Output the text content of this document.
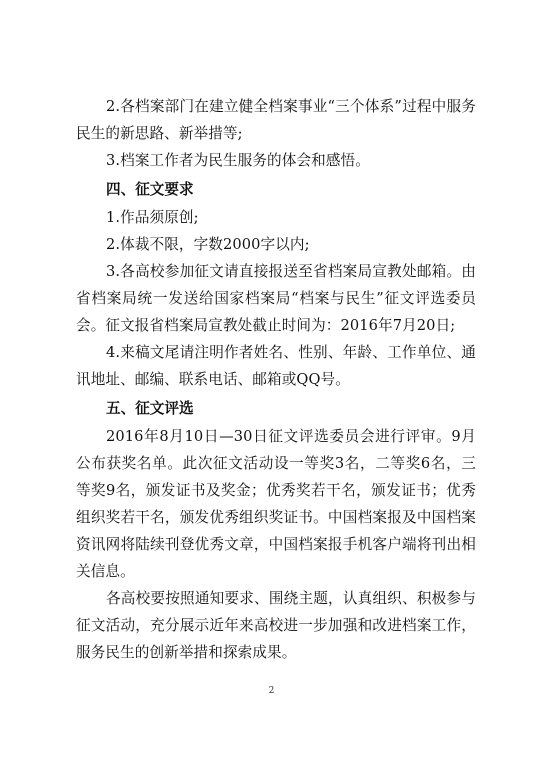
2.各档案部门在建立健全档案事业“三个体系”过程中服务民生的新思路、新举措等;

3.档案工作者为民生服务的体会和感悟。

四、征文要求

1.作品须原创;

2.体裁不限，字数2000字以内;

3.各高校参加征文请直接报送至省档案局宣教处邮箱。由省档案局统一发送给国家档案局“档案与民生”征文评选委员会。征文报省档案局宣教处截止时间为：2016年7月20日;

4.来稿文尾请注明作者姓名、性别、年龄、工作单位、通讯地址、邮编、联系电话、邮箱或QQ号。

五、征文评选

2016年8月10日—30日征文评选委员会进行评审。9月公布获奖名单。此次征文活动设一等奖3名，二等奖6名，三等奖9名，颁发证书及奖金；优秀奖若干名，颁发证书；优秀组织奖若干名，颁发优秀组织奖证书。中国档案报及中国档案资讯网将陆续刊登优秀文章，中国档案报手机客户端将刊出相关信息。

各高校要按照通知要求、围绕主题，认真组织、积极参与征文活动，充分展示近年来高校进一步加强和改进档案工作，服务民生的创新举措和探索成果。

2
